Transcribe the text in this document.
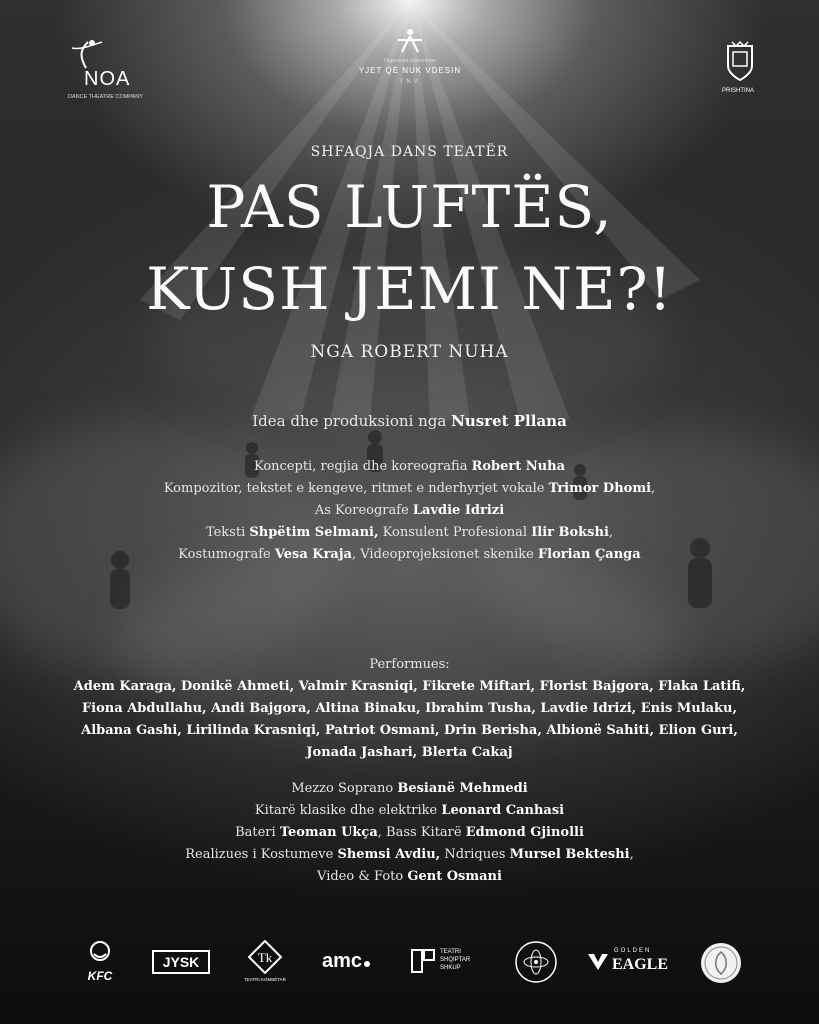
NOA
DANCE THEATRE COMPANY
Organizata joqeveritare
YJET QË NUK VDESIN
YNV
PRISHTINA
SHFAQJA DANS TEATËR
PAS LUFTËS,
KUSH JEMI NE?!
NGA ROBERT NUHA
Idea dhe produksioni nga Nusret Pllana
Koncepti, regjia dhe koreografia Robert Nuha
Kompozitor, tekstet e kengeve, ritmet e nderhyrjet vokale Trimor Dhomi,
As Koreografe Lavdie Idrizi
Teksti Shpëtim Selmani, Konsulent Profesional Ilir Bokshi,
Kostumografe Vesa Kraja, Videoprojeksionet skenike Florian Çanga
Performues:
Adem Karaga, Donikë Ahmeti, Valmir Krasniqi, Fikrete Miftari, Florist Bajgora, Flaka Latifi,
Fiona Abdullahu, Andi Bajgora, Altina Binaku, Ibrahim Tusha, Lavdie Idrizi, Enis Mulaku,
Albana Gashi, Lirilinda Krasniqi, Patriot Osmani, Drin Berisha, Albionë Sahiti, Elion Guri,
Jonada Jashari, Blerta Cakaj
Mezzo Soprano Besianë Mehmedi
Kitarë klasike dhe elektrike Leonard Canhasi
Bateri Teoman Ukça, Bass Kitarë Edmond Gjinolli
Realizues i Kostumeve Shemsi Avdiu, Ndriques Mursel Bekteshi,
Video & Foto Gent Osmani
KFC
JYSK	Tk
TEATRI KOMBËTAR
amc	TEATRI
SHQIPTAR
SHKUP
GOLDEN
EAGLE
